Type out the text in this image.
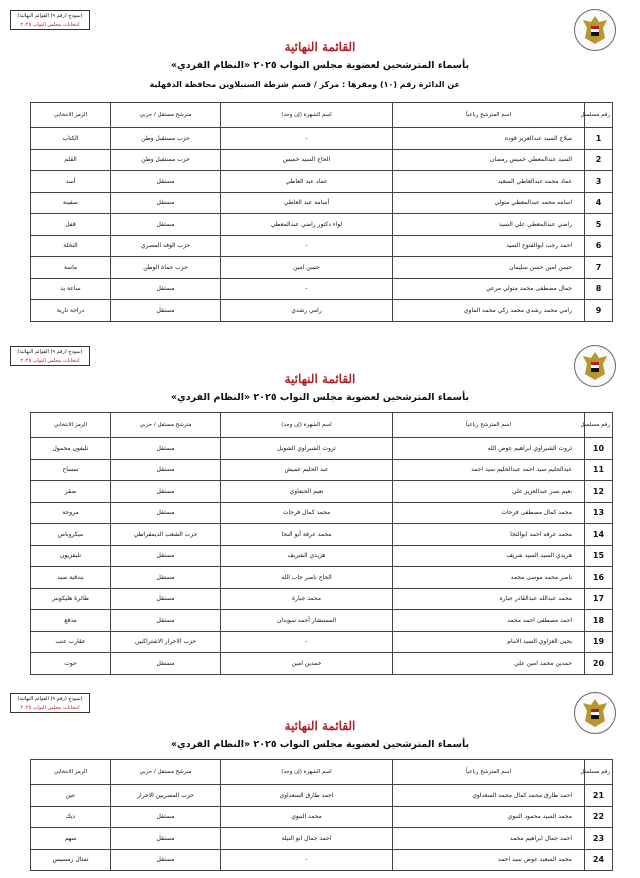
(نموذج (رقم ٩) القوائم النهائية)
انتخابات مجلس النواب ٢٠٢٥
القائمة النهائية
بأسماء المترشحين لعضوية مجلس النواب ٢٠٢٥ «النظام الفردي»
عن الدائرة رقم (١٠) ومقرها : مركز / قسم شرطة السنبلاوين محافظة الدقهلية
رقم مسلسل	اسم المترشح رباعياً	اسم الشهرة (إن وجد)	مترشح مستقل / حزبي	الرمز الانتخابي
1	صلاح السيد عبدالعزيز فوده	-	حزب مستقبل وطن	الكتاب
2	السيد عبدالمعطي خميس رمضان	الحاج السيد خميس	حزب مستقبل وطن	القلم
3	عماد محمد عبدالعاطي السعيد	عماد عبد العاطي	مستقل	أسد
4	اسامه محمد عبدالمعطي متولي	أسامة عبد العاطي	مستقل	سفينة
5	راضي عبدالمعطي علي السيد	لواء دكتور راضي عبدالمعطي	مستقل	قفل
6	احمد رجب ابوالفتوح السيد	-	حزب الوفد المصري	النخلة
7	حسن امين حسن سليمان	حسن امين	حزب حماة الوطن	ماسة
8	جمال مصطفى محمد متولي مرعي	-	مستقل	ساعة يد
9	رامي محمد رشدي محمد زكي محمد الماوي	رامي رشدي	مستقل	دراجة نارية
(نموذج (رقم ٩) القوائم النهائية)
انتخابات مجلس النواب ٢٠٢٥
القائمة النهائية
بأسماء المترشحين لعضوية مجلس النواب ٢٠٢٥ «النظام الفردي»
رقم مسلسل	اسم المترشح رباعياً	اسم الشهرة (إن وجد)	مترشح مستقل / حزبي	الرمز الانتخابي
10	ثروت الشبراوي ابراهيم عوض الله	ثروت الشبراوي الشويل	مستقل	تليفون محمول
11	عبدالحليم سيد احمد عبدالحليم سيد احمد	عبد الحليم عميش	مستقل	تمساح
12	نعيم نصر عبدالعزيز علي	نعيم الحنفاوي	مستقل	صقر
13	محمد كمال مصطفى فرحات	محمد كمال فرحات	مستقل	مروحة
14	محمد عرفه احمد ابوالنجا	محمد عرفة أبو النجا	حزب الشعب الديمقراطي	ميكروباص
15	هريدي السيد السيد شريف	هريدي الشريف	مستقل	تليفزيون
16	ناصر محمد موسى محمد	الحاج ناصر جاب الله	مستقل	بندقية صيد
17	محمد عبدالله عبدالقادر جباره	محمد جبارة	مستقل	طائرة هليكوبتر
18	احمد مصطفى احمد محمد	المستشار أحمد سويدان	مستقل	مدفع
19	يحيى الغزاوي السيد الامام	-	حزب الاحرار الاشتراكيين	عقارب عنب
20	حمدين محمد امين علي	حمدين امين	مستقل	حوت
(نموذج (رقم ٩) القوائم النهائية)
انتخابات مجلس النواب ٢٠٢٥
القائمة النهائية
بأسماء المترشحين لعضوية مجلس النواب ٢٠٢٥ «النظام الفردي»
رقم مسلسل	اسم المترشح رباعياً	اسم الشهرة (إن وجد)	مترشح مستقل / حزبي	الرمز الانتخابي
21	احمد طارق محمد كمال محمد السعداوي	احمد طارق السعداوي	حزب المصريين الاحرار	عين
22	محمد السيد محمود النبوي	محمد النبوي	مستقل	ديك
23	احمد جمال ابراهيم محمد	احمد جمال ابو النيلة	مستقل	سهم
24	محمد السعيد عوض سيد احمد	-	مستقل	تمثال رمسيس
